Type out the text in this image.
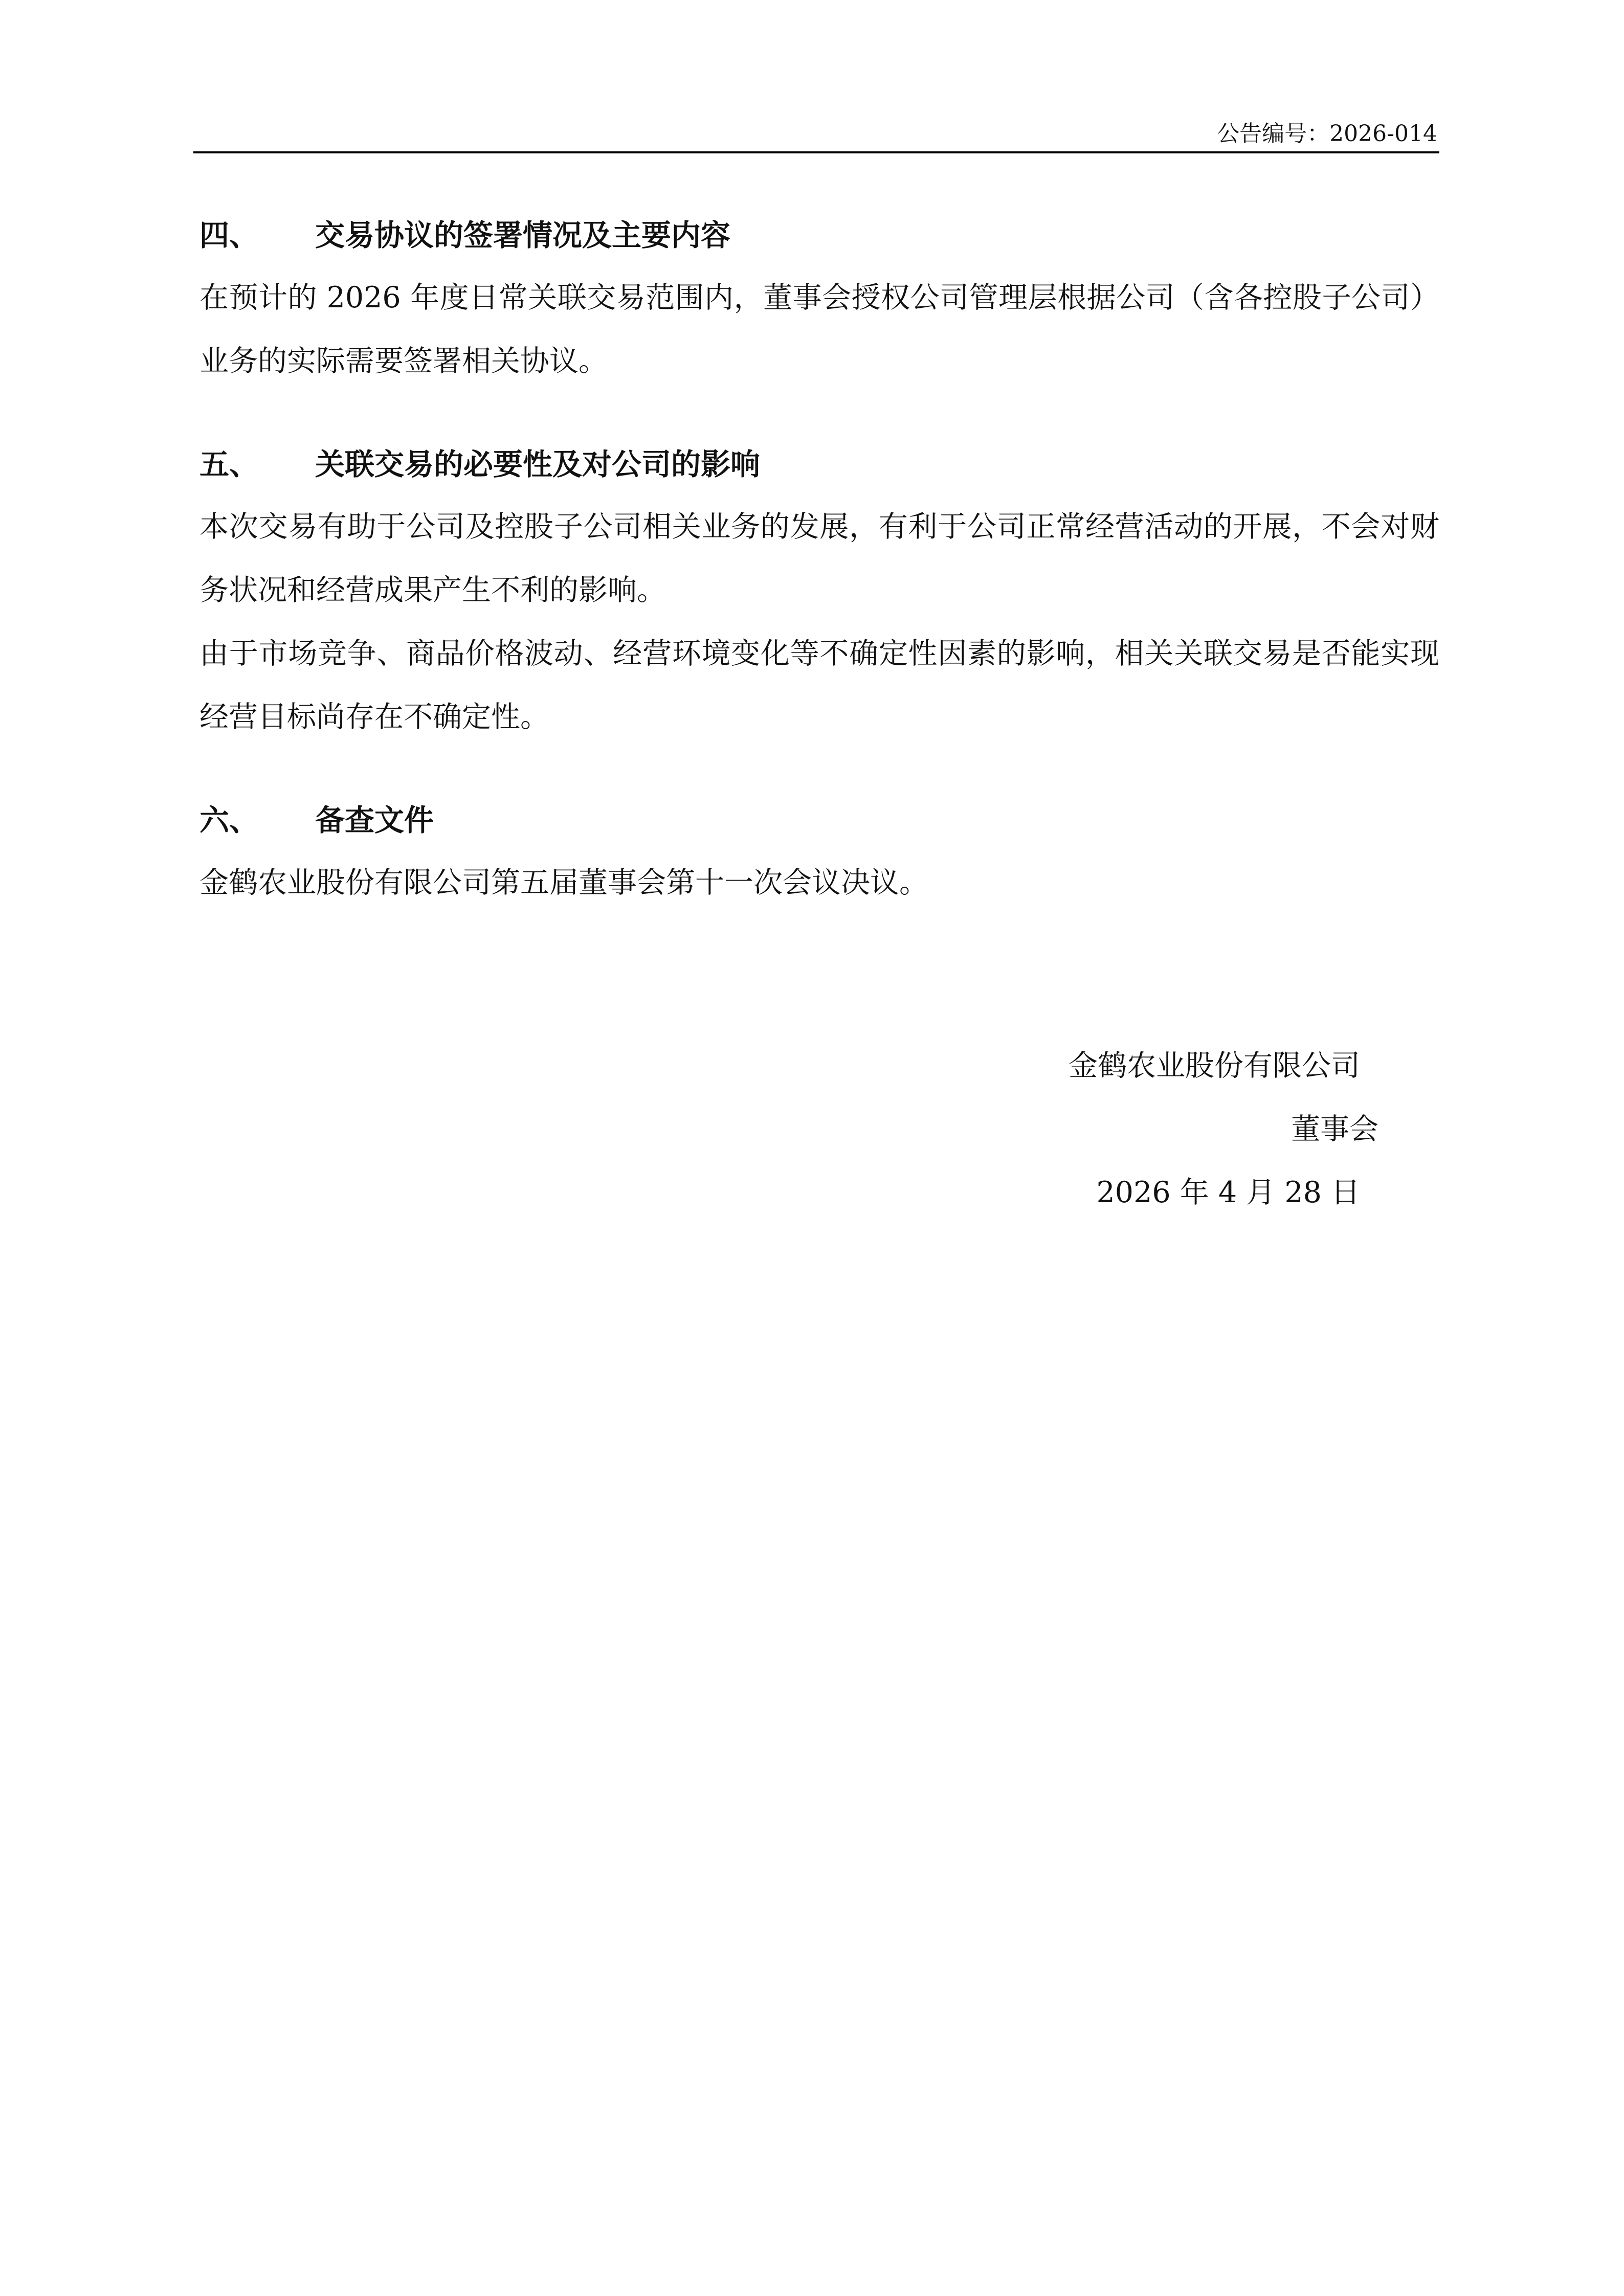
公告编号：2026-014
四、	交易协议的签署情况及主要内容

在预计的 2026 年度日常关联交易范围内，董事会授权公司管理层根据公司（含各控股子公司）业务的实际需要签署相关协议。

五、	关联交易的必要性及对公司的影响

本次交易有助于公司及控股子公司相关业务的发展，有利于公司正常经营活动的开展，不会对财务状况和经营成果产生不利的影响。

由于市场竞争、商品价格波动、经营环境变化等不确定性因素的影响，相关关联交易是否能实现经营目标尚存在不确定性。

六、	备查文件

金鹤农业股份有限公司第五届董事会第十一次会议决议。

金鹤农业股份有限公司
董事会
2026 年 4 月 28 日
